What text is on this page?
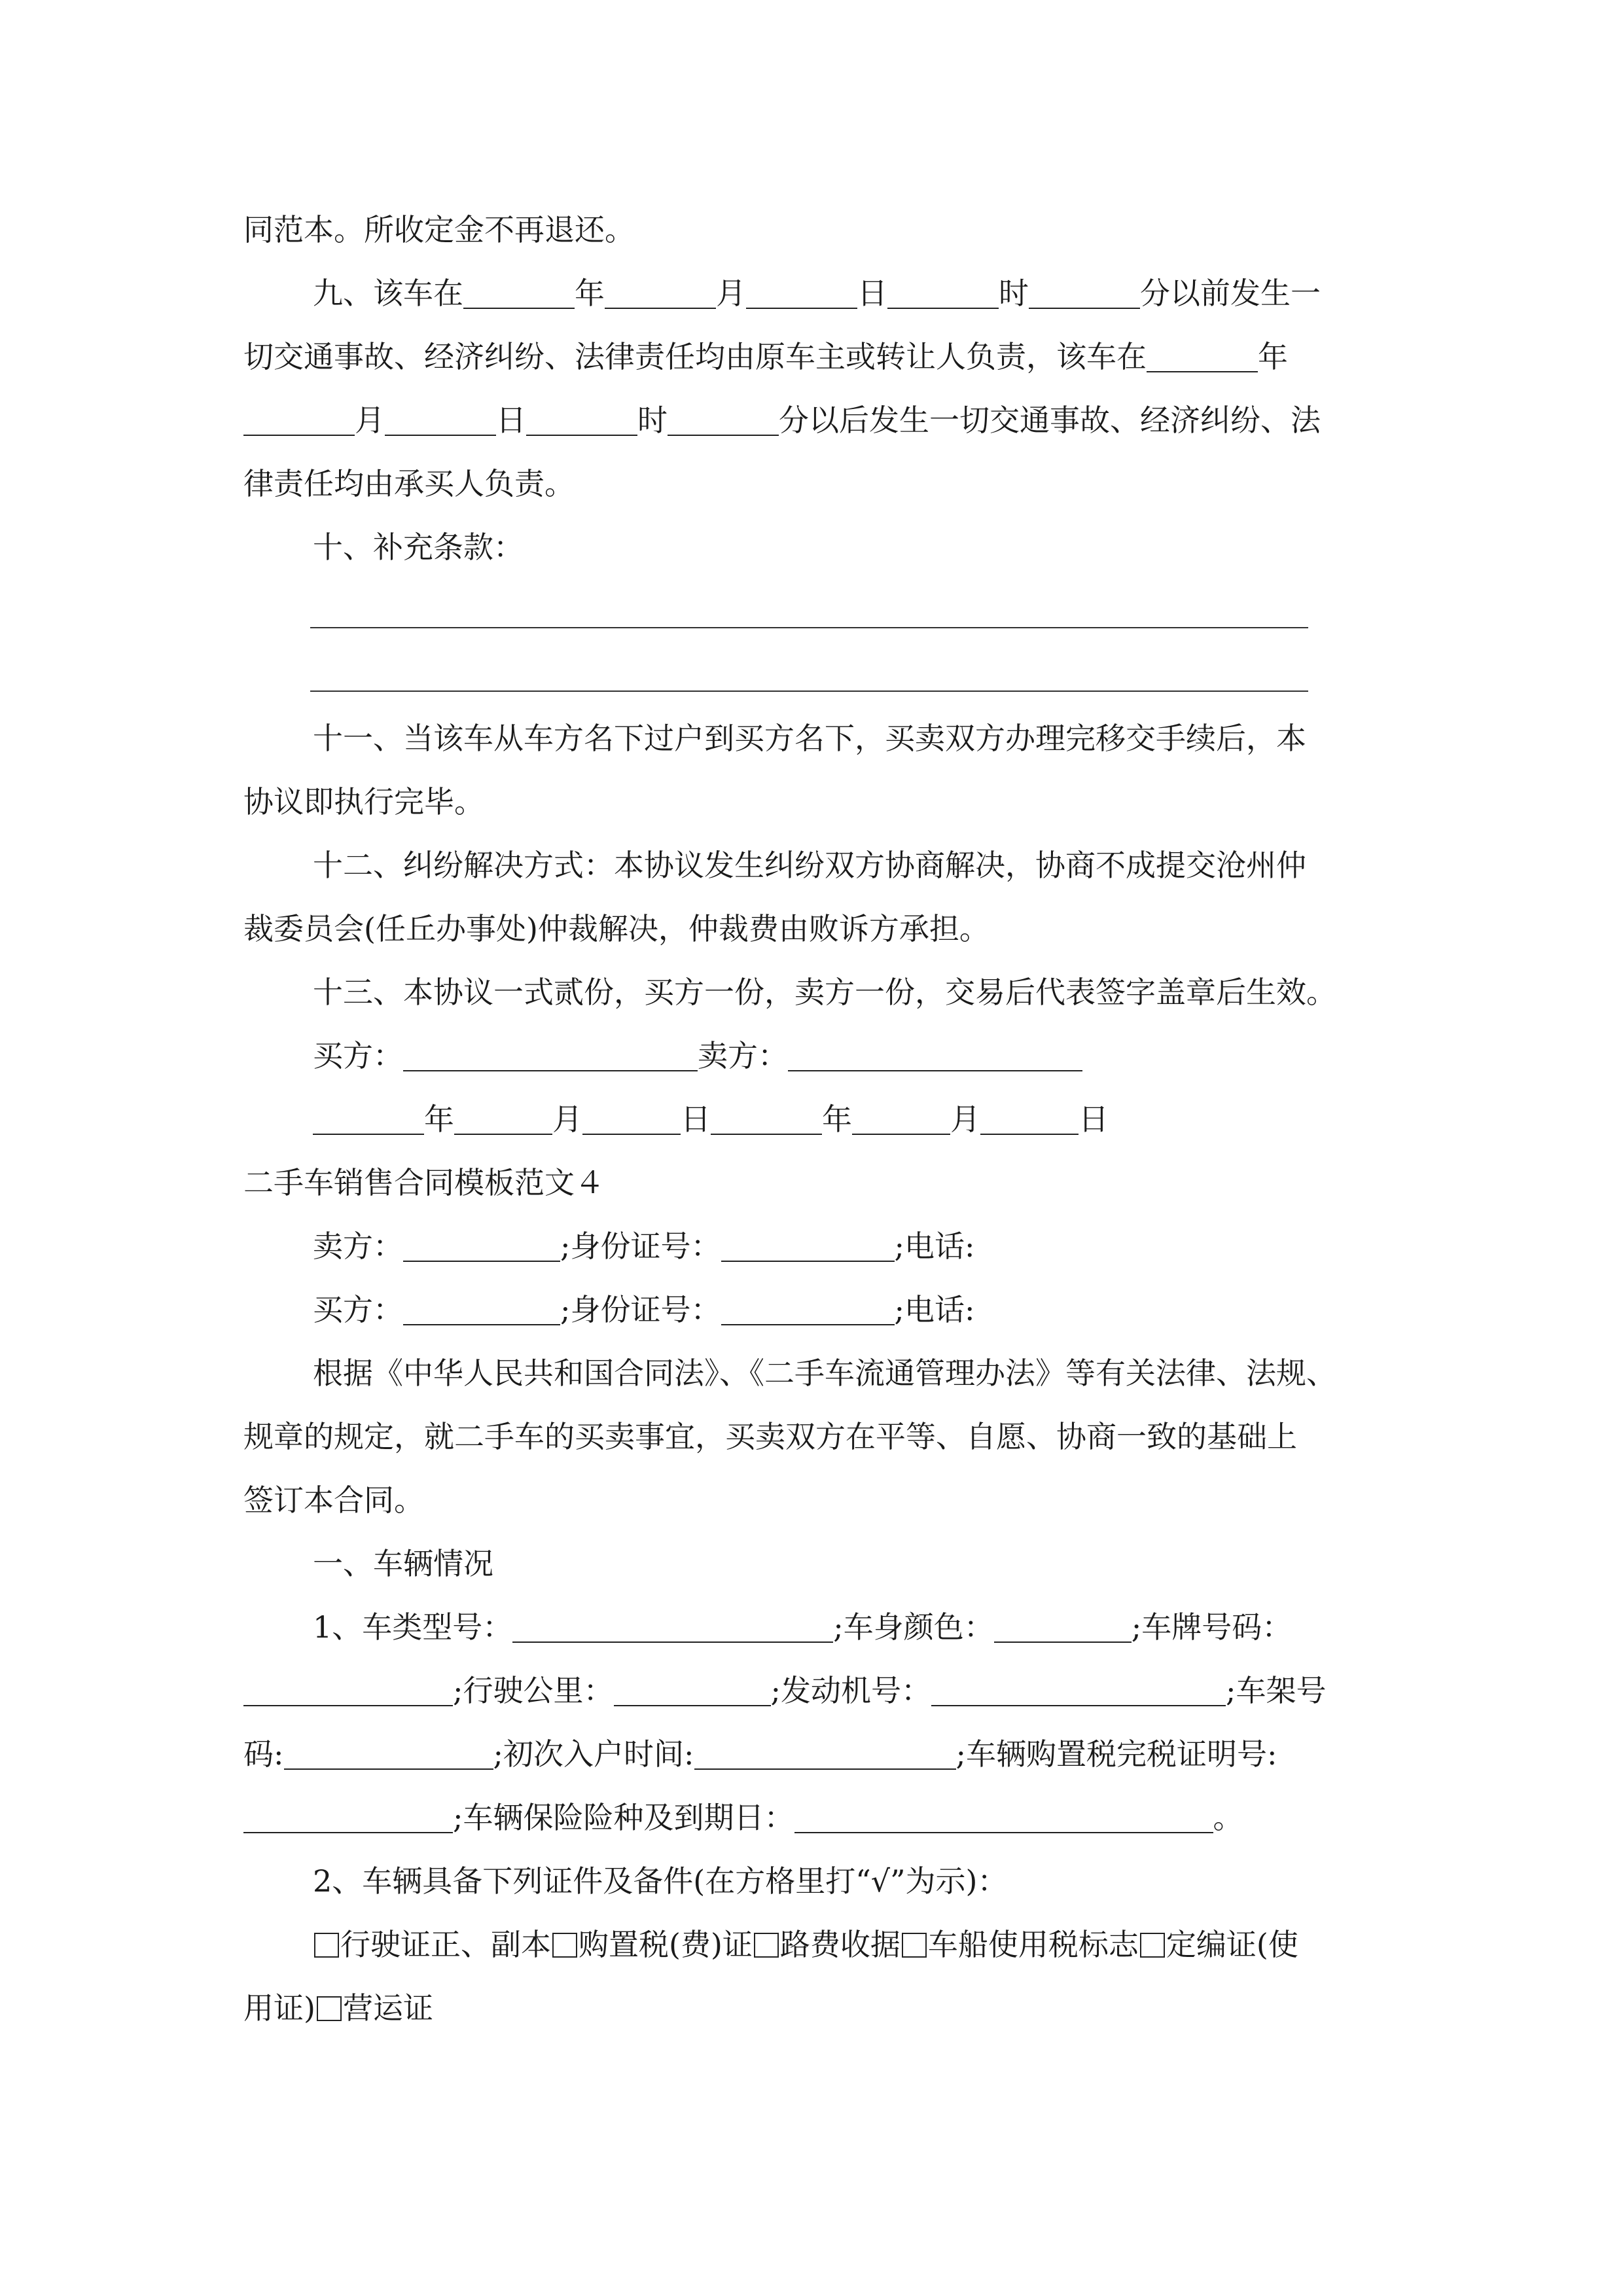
同范本。所收定金不再退还。
九、该车在	年	月	日	时	分以前发生一
切交通事故、经济纠纷、法律责任均由原车主或转让人负责，该车在	年
月	日	时	分以后发生一切交通事故、经济纠纷、法
律责任均由承买人负责。
十、补充条款：
十一、当该车从车方名下过户到买方名下，买卖双方办理完移交手续后，本
协议即执行完毕。
十二、纠纷解决方式：本协议发生纠纷双方协商解决，协商不成提交沧州仲
裁委员会(任丘办事处)仲裁解决，仲裁费由败诉方承担。
十三、本协议一式贰份，买方一份，卖方一份，交易后代表签字盖章后生效。
买方：	卖方：
年	月	日	年	月	日
二手车销售合同模板范文４
卖方：	;身份证号：	;电话:
买方：	;身份证号：	;电话:
根据《中华人民共和国合同法》、《二手车流通管理办法》等有关法律、法规、
规章的规定，就二手车的买卖事宜，买卖双方在平等、自愿、协商一致的基础上
签订本合同。
一、车辆情况
1、车类型号：	;车身颜色：	;车牌号码：
;行驶公里：	;发动机号：	;车架号
码:	;初次入户时间:	;车辆购置税完税证明号:
;车辆保险险种及到期日：	。
2、车辆具备下列证件及备件(在方格里打“√”为示)：
行驶证正、副本 购置税(费)证 路费收据 车船使用税标志 定编证(使
用证) 营运证
